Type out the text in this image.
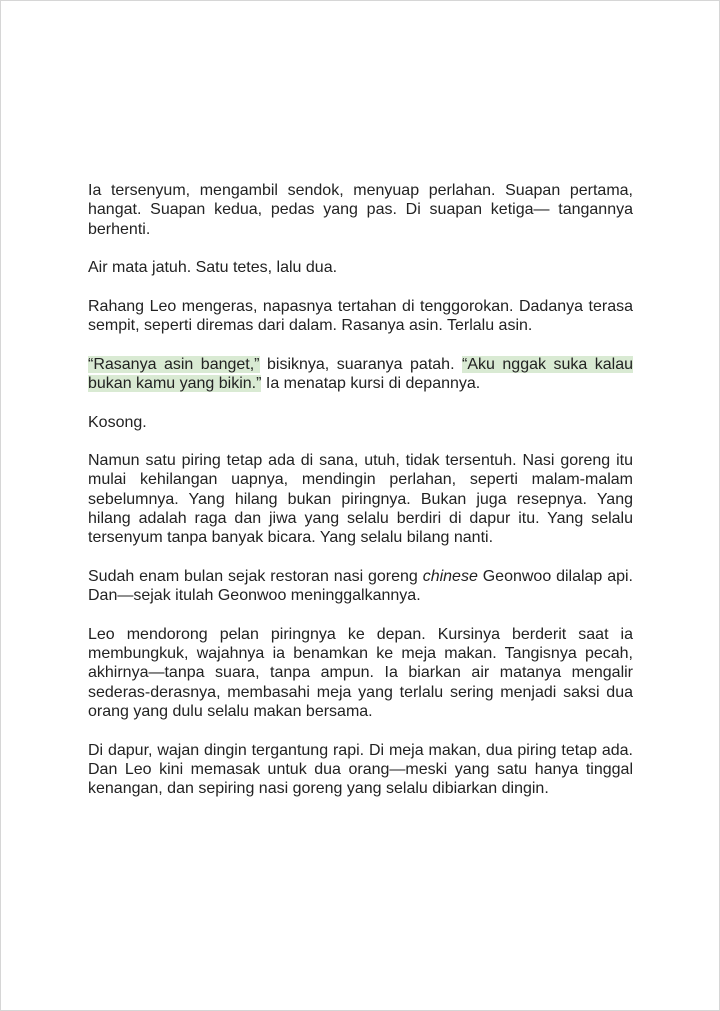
Ia tersenyum, mengambil sendok, menyuap perlahan. Suapan pertama, hangat. Suapan kedua, pedas yang pas. Di suapan ketiga— tangannya berhenti.

Air mata jatuh. Satu tetes, lalu dua.

Rahang Leo mengeras, napasnya tertahan di tenggorokan. Dadanya terasa sempit, seperti diremas dari dalam. Rasanya asin. Terlalu asin.

“Rasanya asin banget,” bisiknya, suaranya patah. “Aku nggak suka kalau bukan kamu yang bikin.” Ia menatap kursi di depannya.

Kosong.

Namun satu piring tetap ada di sana, utuh, tidak tersentuh. Nasi goreng itu mulai kehilangan uapnya, mendingin perlahan, seperti malam-malam sebelumnya. Yang hilang bukan piringnya. Bukan juga resepnya. Yang hilang adalah raga dan jiwa yang selalu berdiri di dapur itu. Yang selalu tersenyum tanpa banyak bicara. Yang selalu bilang nanti.

Sudah enam bulan sejak restoran nasi goreng chinese Geonwoo dilalap api. Dan—sejak itulah Geonwoo meninggalkannya.

Leo mendorong pelan piringnya ke depan. Kursinya berderit saat ia membungkuk, wajahnya ia benamkan ke meja makan. Tangisnya pecah, akhirnya—tanpa suara, tanpa ampun. Ia biarkan air matanya mengalir sederas-derasnya, membasahi meja yang terlalu sering menjadi saksi dua orang yang dulu selalu makan bersama.

Di dapur, wajan dingin tergantung rapi. Di meja makan, dua piring tetap ada. Dan Leo kini memasak untuk dua orang—meski yang satu hanya tinggal kenangan, dan sepiring nasi goreng yang selalu dibiarkan dingin.
